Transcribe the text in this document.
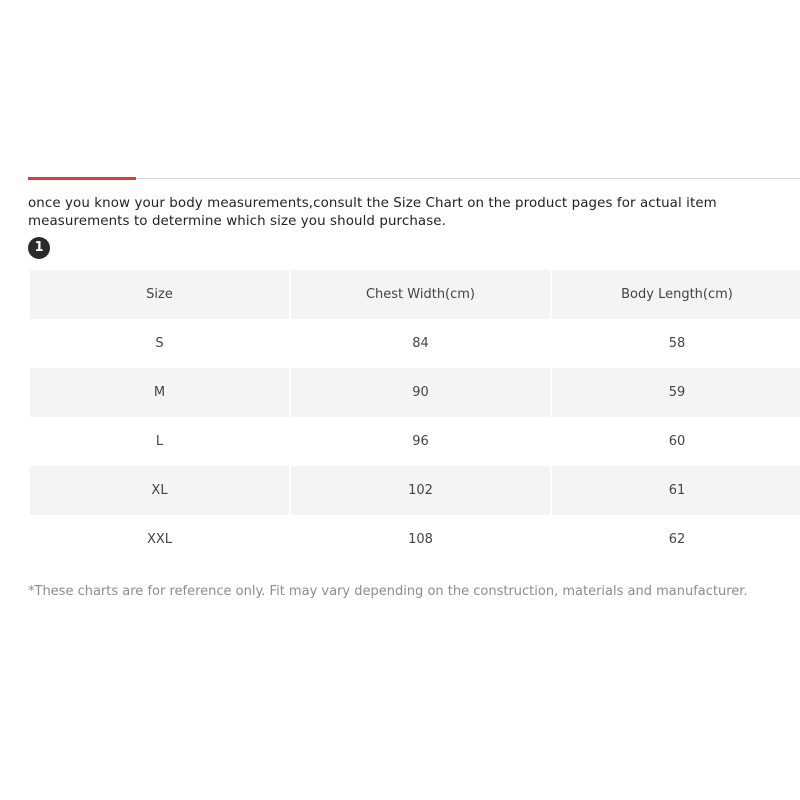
once you know your body measurements,consult the Size Chart on the product pages for actual item measurements to determine which size you should purchase.
1
Size	Chest Width(cm)	Body Length(cm)
S	84	58
M	90	59
L	96	60
XL	102	61
XXL	108	62
*These charts are for reference only. Fit may vary depending on the construction, materials and manufacturer.
